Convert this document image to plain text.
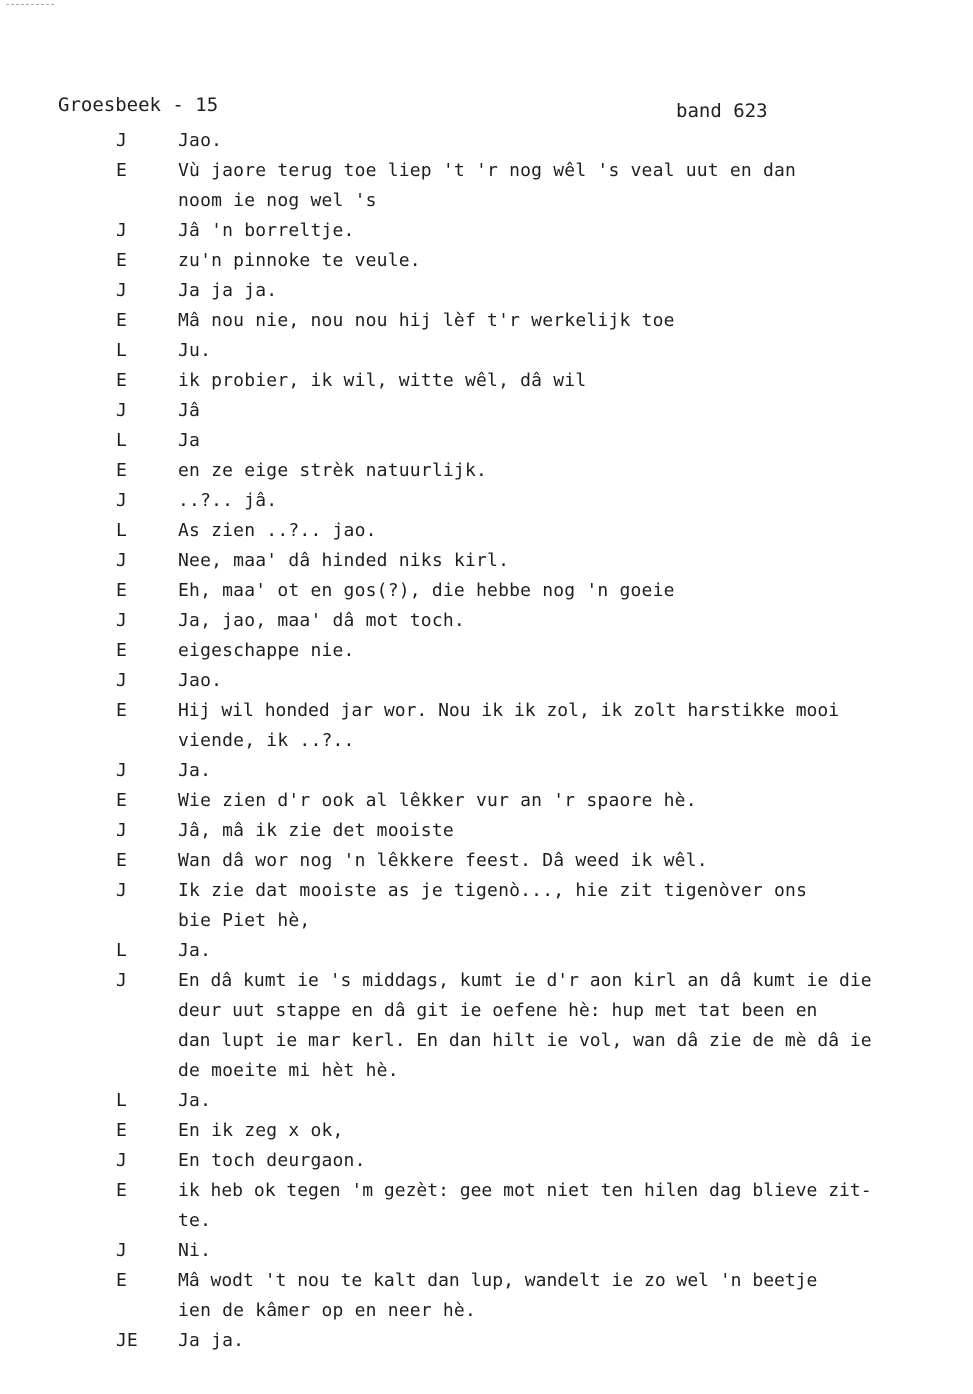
Groesbeek - 15	band 623
J	Jao.
E	Vù jaore terug toe liep 't 'r nog wêl 's veal uut en dan
noom ie nog wel 's
J	Jâ 'n borreltje.
E	zu'n pinnoke te veule.
J	Ja ja ja.
E	Mâ nou nie, nou nou hij lèf t'r werkelijk toe
L	Ju.
E	ik probier, ik wil, witte wêl, dâ wil
J	Jâ
L	Ja
E	en ze eige strèk natuurlijk.
J	..?.. jâ.
L	As zien ..?.. jao.
J	Nee, maa' dâ hinded niks kirl.
E	Eh, maa' ot en gos(?), die hebbe nog 'n goeie
J	Ja, jao, maa' dâ mot toch.
E	eigeschappe nie.
J	Jao.
E	Hij wil honded jar wor. Nou ik ik zol, ik zolt harstikke mooi
viende, ik ..?..
J	Ja.
E	Wie zien d'r ook al lêkker vur an 'r spaore hè.
J	Jâ, mâ ik zie det mooiste
E	Wan dâ wor nog 'n lêkkere feest. Dâ weed ik wêl.
J	Ik zie dat mooiste as je tigenò..., hie zit tigenòver ons
bie Piet hè,
L	Ja.
J	En dâ kumt ie 's middags, kumt ie d'r aon kirl an dâ kumt ie die
deur uut stappe en dâ git ie oefene hè: hup met tat been en
dan lupt ie mar kerl. En dan hilt ie vol, wan dâ zie de mè dâ ie
de moeite mi hèt hè.
L	Ja.
E	En ik zeg x ok,
J	En toch deurgaon.
E	ik heb ok tegen 'm gezèt: gee mot niet ten hilen dag blieve zit-
te.
J	Ni.
E	Mâ wodt 't nou te kalt dan lup, wandelt ie zo wel 'n beetje
ien de kâmer op en neer hè.
JE Ja ja.
